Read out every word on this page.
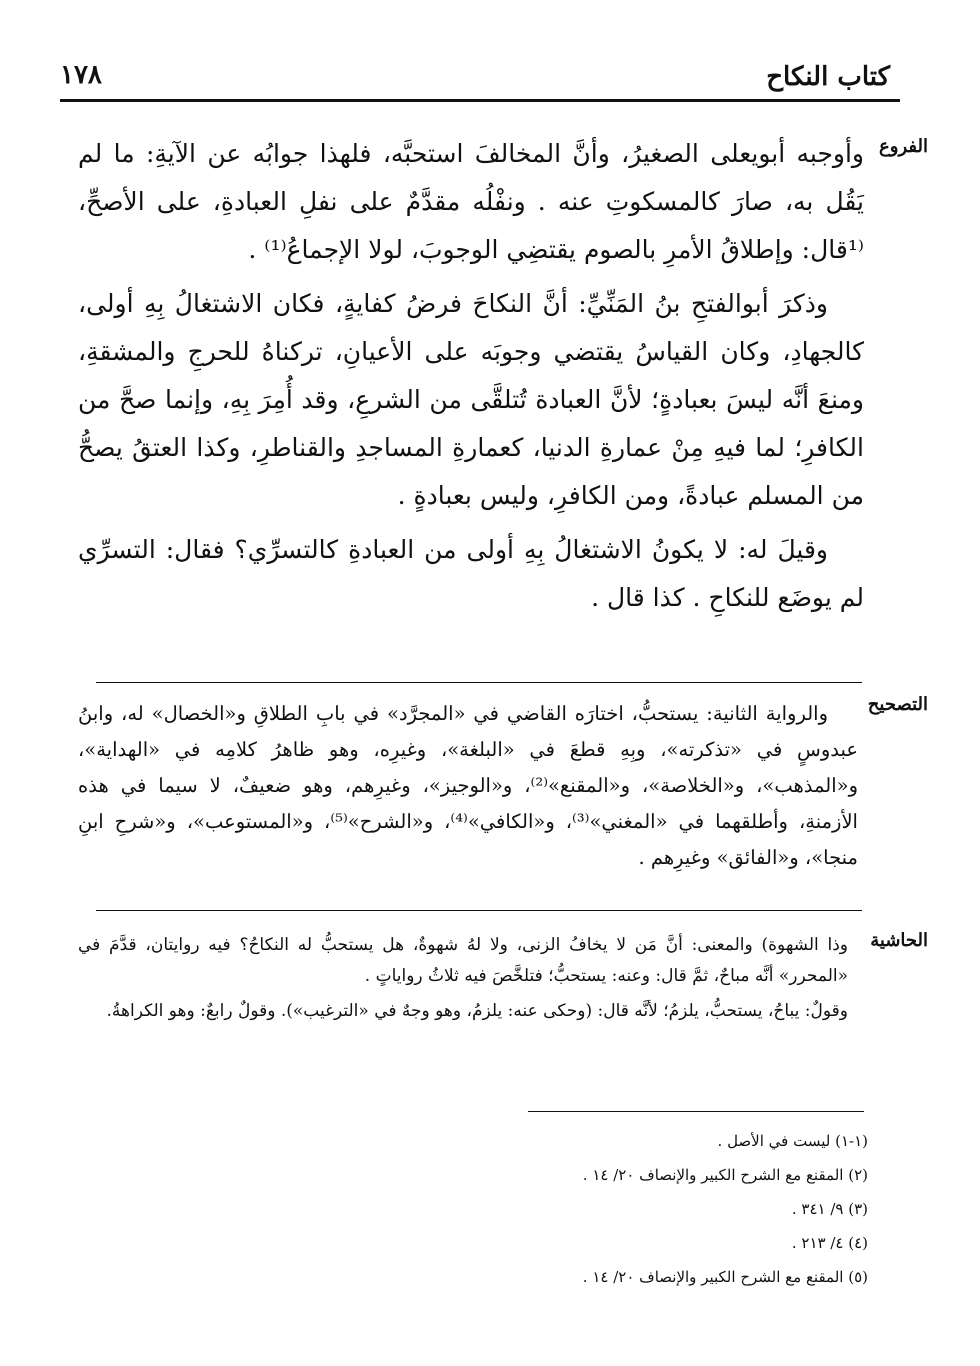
كتاب النكاح
١٧٨
الفروع

وأوجبه أبويعلى الصغيرُ، وأنَّ المخالفَ استحبَّه، فلهذا جوابُه عن الآيةِ: ما لم يَقُل به، صارَ كالمسكوتِ عنه . ونفْلُه مقدَّمٌ على نفلِ العبادةِ، على الأصحِّ، ⁽¹قال: وإطلاقُ الأمرِ بالصوم يقتضِي الوجوبَ، لولا الإجماعُ⁽¹⁾ .

وذكرَ أبوالفتحِ بنُ المَنِّيِّ: أنَّ النكاحَ فرضُ كفايةٍ، فكان الاشتغالُ بِهِ أولى، كالجهادِ، وكان القياسُ يقتضي وجوبَه على الأعيانِ، تركناهُ للحرجِ والمشقةِ، ومنعَ أنَّه ليسَ بعبادةٍ؛ لأنَّ العبادة تُتلقَّى من الشرعِ، وقد أُمِرَ بِهِ، وإنما صحَّ من الكافرِ؛ لما فيهِ مِنْ عمارةِ الدنيا، كعمارةِ المساجدِ والقناطرِ، وكذا العتقُ يصحُّ من المسلم عبادةً، ومن الكافرِ، وليس بعبادةٍ .

وقيلَ له: لا يكونُ الاشتغالُ بِهِ أولى من العبادةِ كالتسرِّي؟ فقال: التسرِّي لم يوضَع للنكاحِ . كذا قال .

التصحيح

والرواية الثانية: يستحبُّ، اختارَه القاضي في «المجرَّد» في بابِ الطلاقِ و«الخصال» له، وابنُ عبدوسٍ في «تذكرته»، وبِهِ قطعَ في «البلغة»، وغيرِه، وهو ظاهرُ كلامِه في «الهداية»، و«المذهب»، و«الخلاصة»، و«المقنع»⁽²⁾، و«الوجيز»، وغيرِهم، وهو ضعيفٌ، لا سيما في هذه الأزمنةِ، وأطلقهما في «المغني»⁽³⁾، و«الكافي»⁽⁴⁾، و«الشرح»⁽⁵⁾، و«المستوعب»، و«شرحِ ابنِ منجا»، و«الفائق» وغيرِهم .

الحاشية

وذا الشهوة) والمعنى: أنَّ مَن لا يخافُ الزنى، ولا لهُ شهوةٌ، هل يستحبُّ له النكاحُ؟ فيه روايتان، قدَّمَ في «المحرر» أنَّه مباحٌ، ثمَّ قال: وعنه: يستحبُّ؛ فتلخَّصَ فيه ثلاثُ رواياتٍ .

وقولٌ: يباحُ، يستحبُّ، يلزمُ؛ لأنَّه قال: (وحكى عنه: يلزمُ، وهو وجهٌ في «الترغيب»). وقولٌ رابعٌ: وهو الكراهةُ.

(١-١) ليست في الأصل .
(٢) المقنع مع الشرح الكبير والإنصاف ٢٠/ ١٤ .
(٣) ٩/ ٣٤١ .
(٤) ٤/ ٢١٣ .
(٥) المقنع مع الشرح الكبير والإنصاف ٢٠/ ١٤ .
